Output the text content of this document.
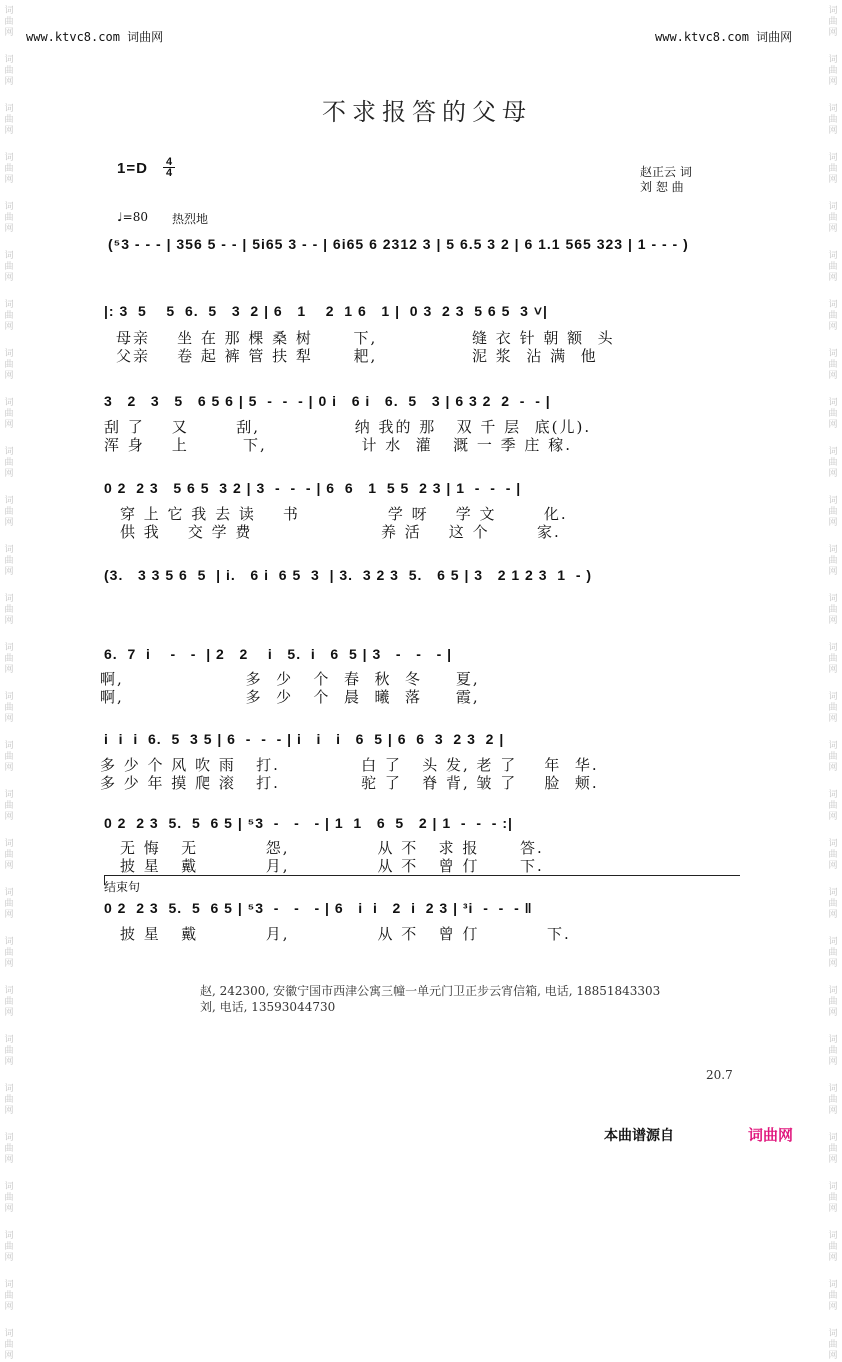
词
曲
网
词
曲
网
词
曲
网
词
曲
网
词
曲
网
词
曲
网
词
曲
网
词
曲
网
词
曲
网
词
曲
网
词
曲
网
词
曲
网
词
曲
网
词
曲
网
词
曲
网
词
曲
网
词
曲
网
词
曲
网
词
曲
网
词
曲
网
词
曲
网
词
曲
网
词
曲
网
词
曲
网
词
曲
网
词
曲
网
词
曲
网
词
曲
网
词
曲
网
词
曲
网
词
曲
网
词
曲
网
词
曲
网
词
曲
网
词
曲
网
词
曲
网
词
曲
网
词
曲
网
词
曲
网
词
曲
网
词
曲
网
词
曲
网
词
曲
网
词
曲
网
词
曲
网
词
曲
网
词
曲
网
词
曲
网
词
曲
网
词
曲
网
词
曲
网
词
曲
网
词
曲
网
词
曲
网
词
曲
网
词
曲
网
www.ktvc8.com 词曲网	www.ktvc8.com 词曲网
不求报答的父母
$1=D \frac{4}{4}$	赵正云 词
刘 恕 曲
♩=80 热烈地
(⁵3 - - - | 356 5 - - | 5i65 3 - - | 6i65 6 2312 3 | 5 6.5 3 2 | 6 1.1 565 323 | 1 - - - )
|: 3  5    5  6.  5   3  2 | 6   1    2  1 6   1 |  0 3  2 3  5 6 5  3 ˅|
母亲    坐 在 那 棵 桑 树      下,              缝 衣 针 朝 额  头
父亲    卷 起 裤 管 扶 犁      耙,              泥 浆  沾 满  他
3   2   3   5   6 5 6 | 5  -  -  - | 0 i   6 i   6.  5   3 | 6 3 2  2  -  - |
刮 了    又       刮,              纳 我的 那   双 千 层  底(儿).
浑 身    上        下,              计 水  灌   溉 一 季 庄 稼.
0 2  2 3   5 6 5  3 2 | 3  -  -  - | 6  6   1  5 5  2 3 | 1  -  -  - |
穿 上 它 我 去 读    书             学 呀    学 文       化.
供 我    交 学 费                   养 活    这 个       家.
(3.   3 3 5 6  5  | i.   6 i  6 5  3  | 3.  3 2 3  5.   6 5 | 3   2 1 2 3  1  - )
6.  7  i    -   -  | 2   2    i   5.  i   6  5 | 3   -   -   - |
啊,                  多  少   个  春  秋  冬     夏,
啊,                  多  少   个  晨  曦  落     霞,
i  i  i  6.  5  3 5 | 6  -  -  - | i   i   i   6  5 | 6  6  3  2 3  2 |
多 少 个 风 吹 雨   打.            白 了   头 发, 老 了    年  华.
多 少 年 摸 爬 滚   打.            驼 了   脊 背, 皱 了    脸  颊.
0 2  2 3  5.  5  6 5 | ⁵3  -   -   - | 1  1   6  5   2 | 1  -  -  - :|
无 悔   无          怨,             从 不   求 报      答.
披 星   戴          月,             从 不   曾 仃      下.
结束句
0 2  2 3  5.  5  6 5 | ⁵3  -   -   - | 6   i  i   2  i  2 3 | ³i  -  -  - ‖
披 星   戴          月,             从 不   曾 仃          下.
赵, 242300, 安徽宁国市西津公寓三幢一单元门卫正步云宵信箱, 电话, 18851843303
刘, 电话, 13593044730
20.7
本曲谱源自	词曲网
